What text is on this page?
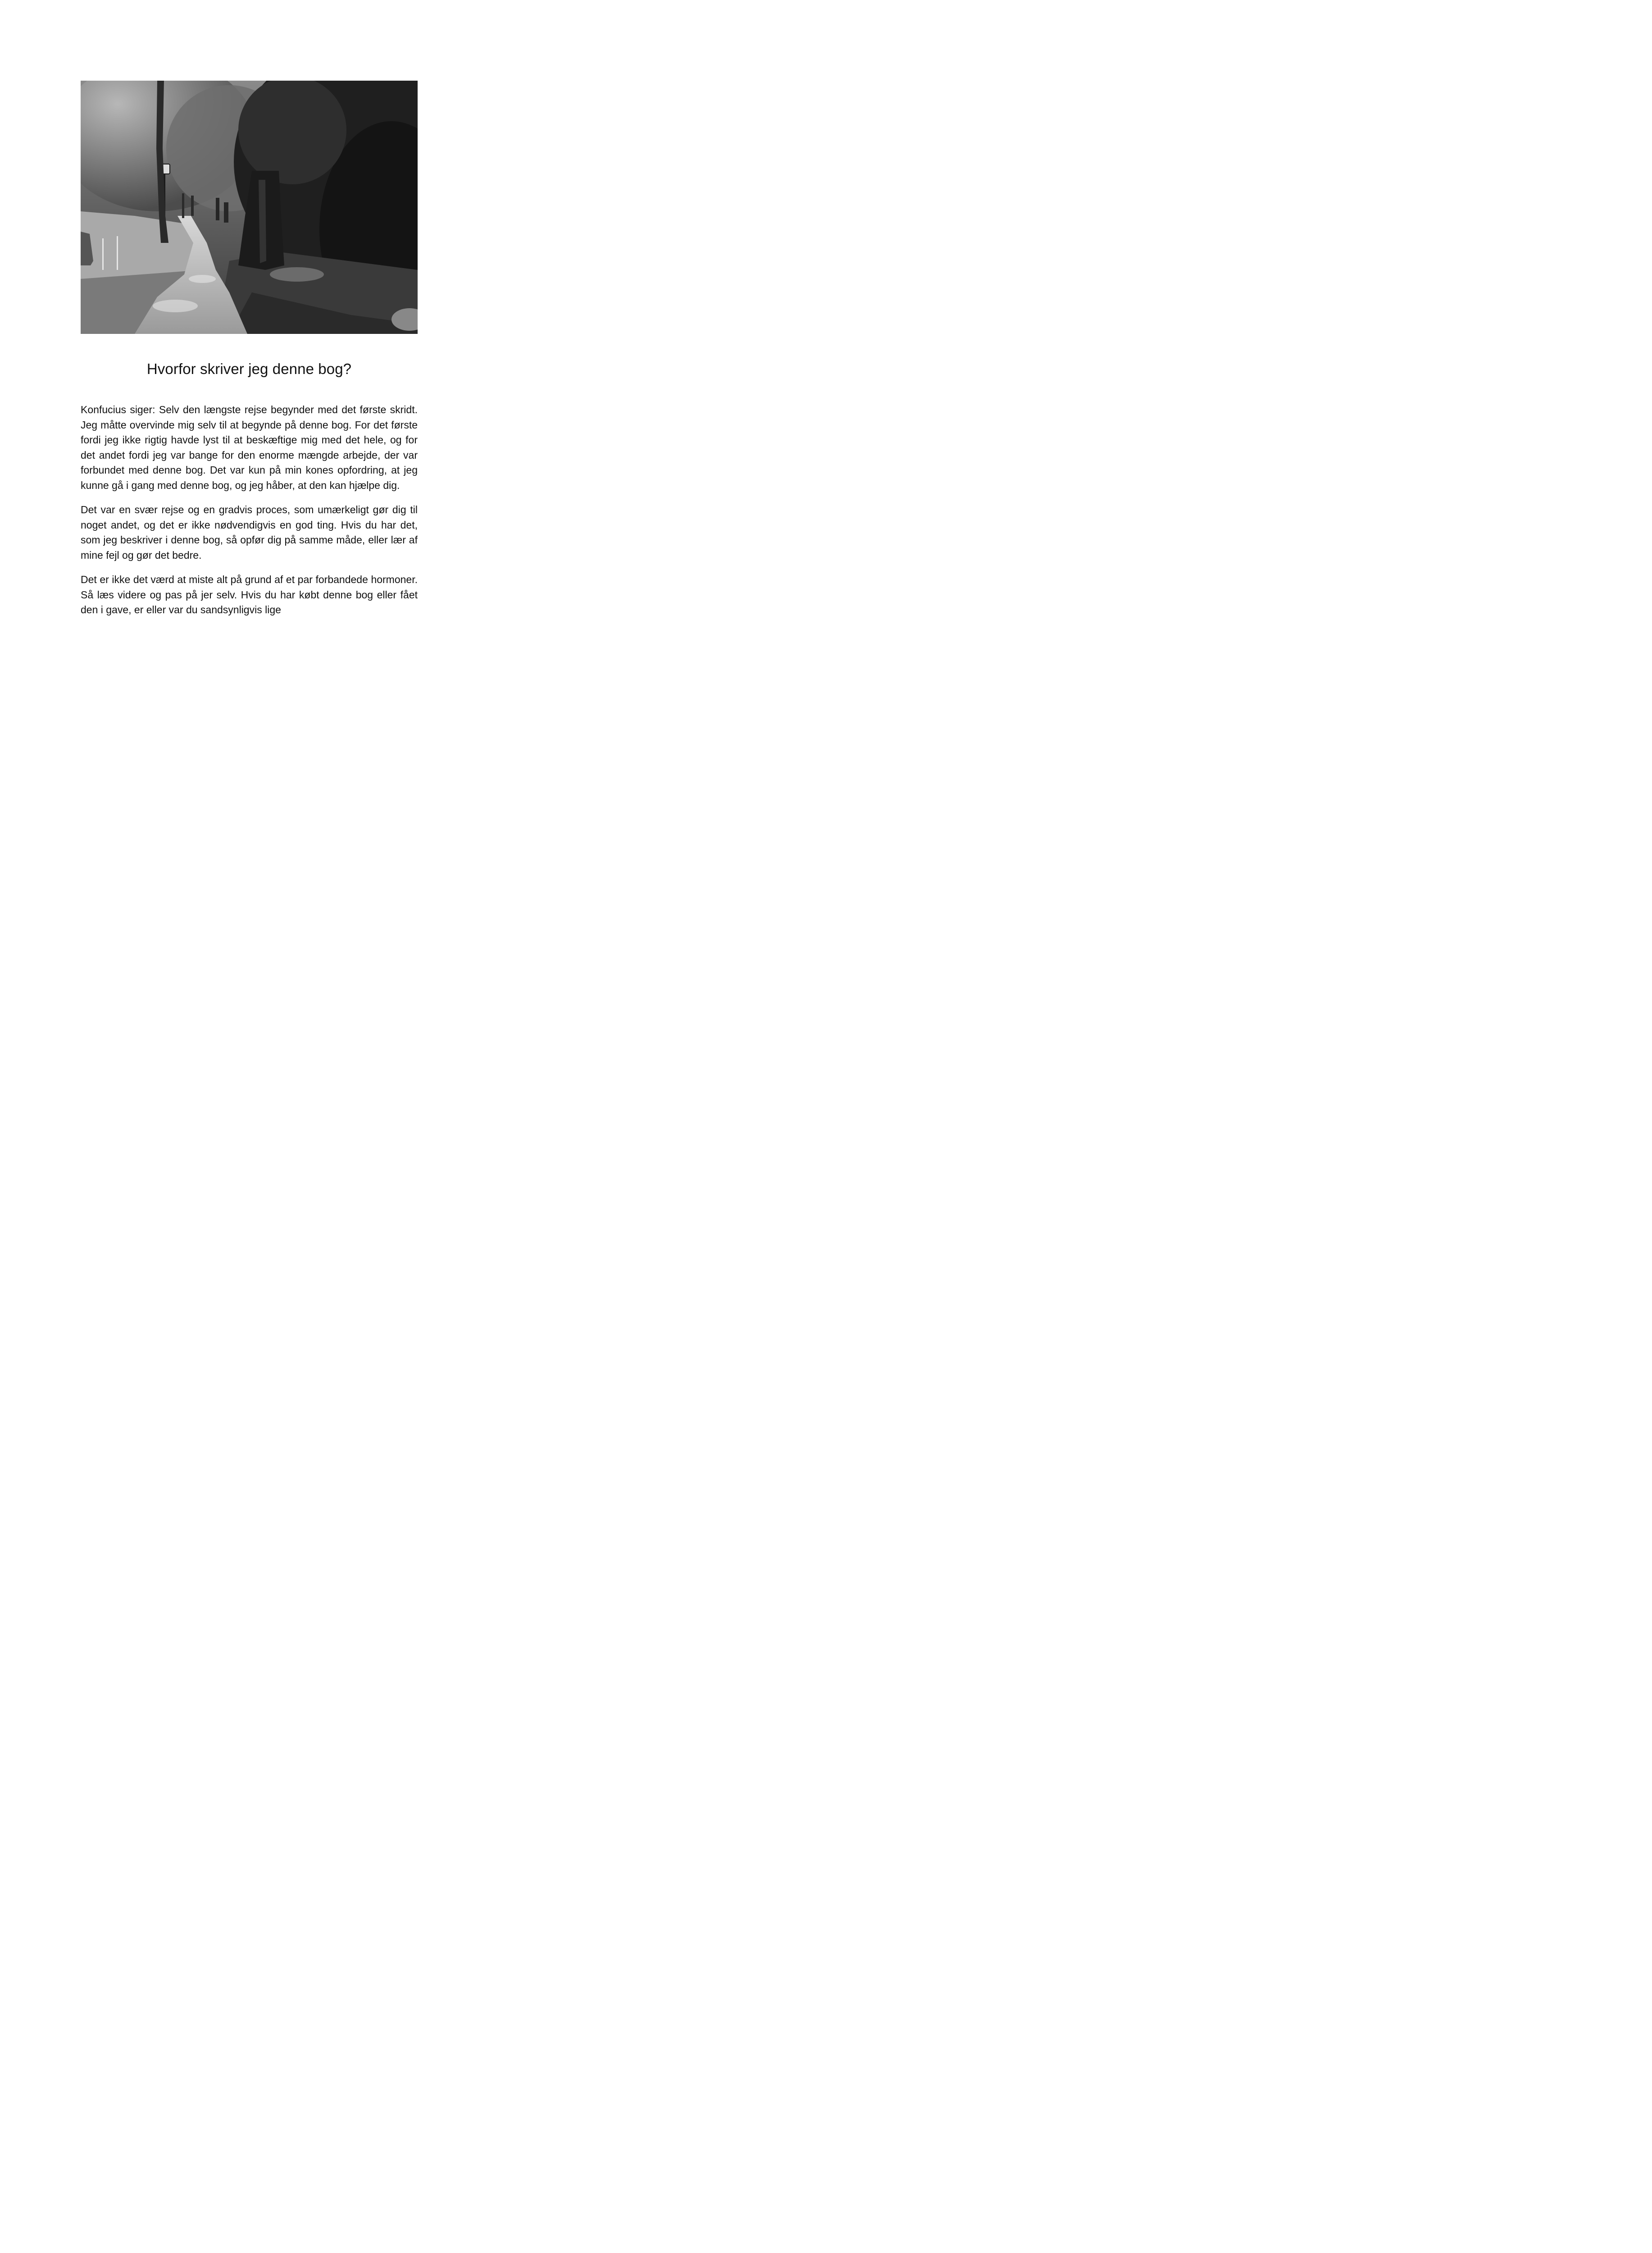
Hvorfor skriver jeg denne bog?

Konfucius siger: Selv den længste rejse begynder med det første skridt. Jeg måtte overvinde mig selv til at begynde på denne bog. For det første fordi jeg ikke rigtig havde lyst til at beskæftige mig med det hele, og for det andet fordi jeg var bange for den enorme mængde arbejde, der var forbundet med denne bog. Det var kun på min kones opfordring, at jeg kunne gå i gang med denne bog, og jeg håber, at den kan hjælpe dig.

Det var en svær rejse og en gradvis proces, som umærkeligt gør dig til noget andet, og det er ikke nødvendigvis en god ting. Hvis du har det, som jeg beskriver i denne bog, så opfør dig på samme måde, eller lær af mine fejl og gør det bedre.

Det er ikke det værd at miste alt på grund af et par forbandede hormoner. Så læs videre og pas på jer selv. Hvis du har købt denne bog eller fået den i gave, er eller var du sandsynligvis lige
